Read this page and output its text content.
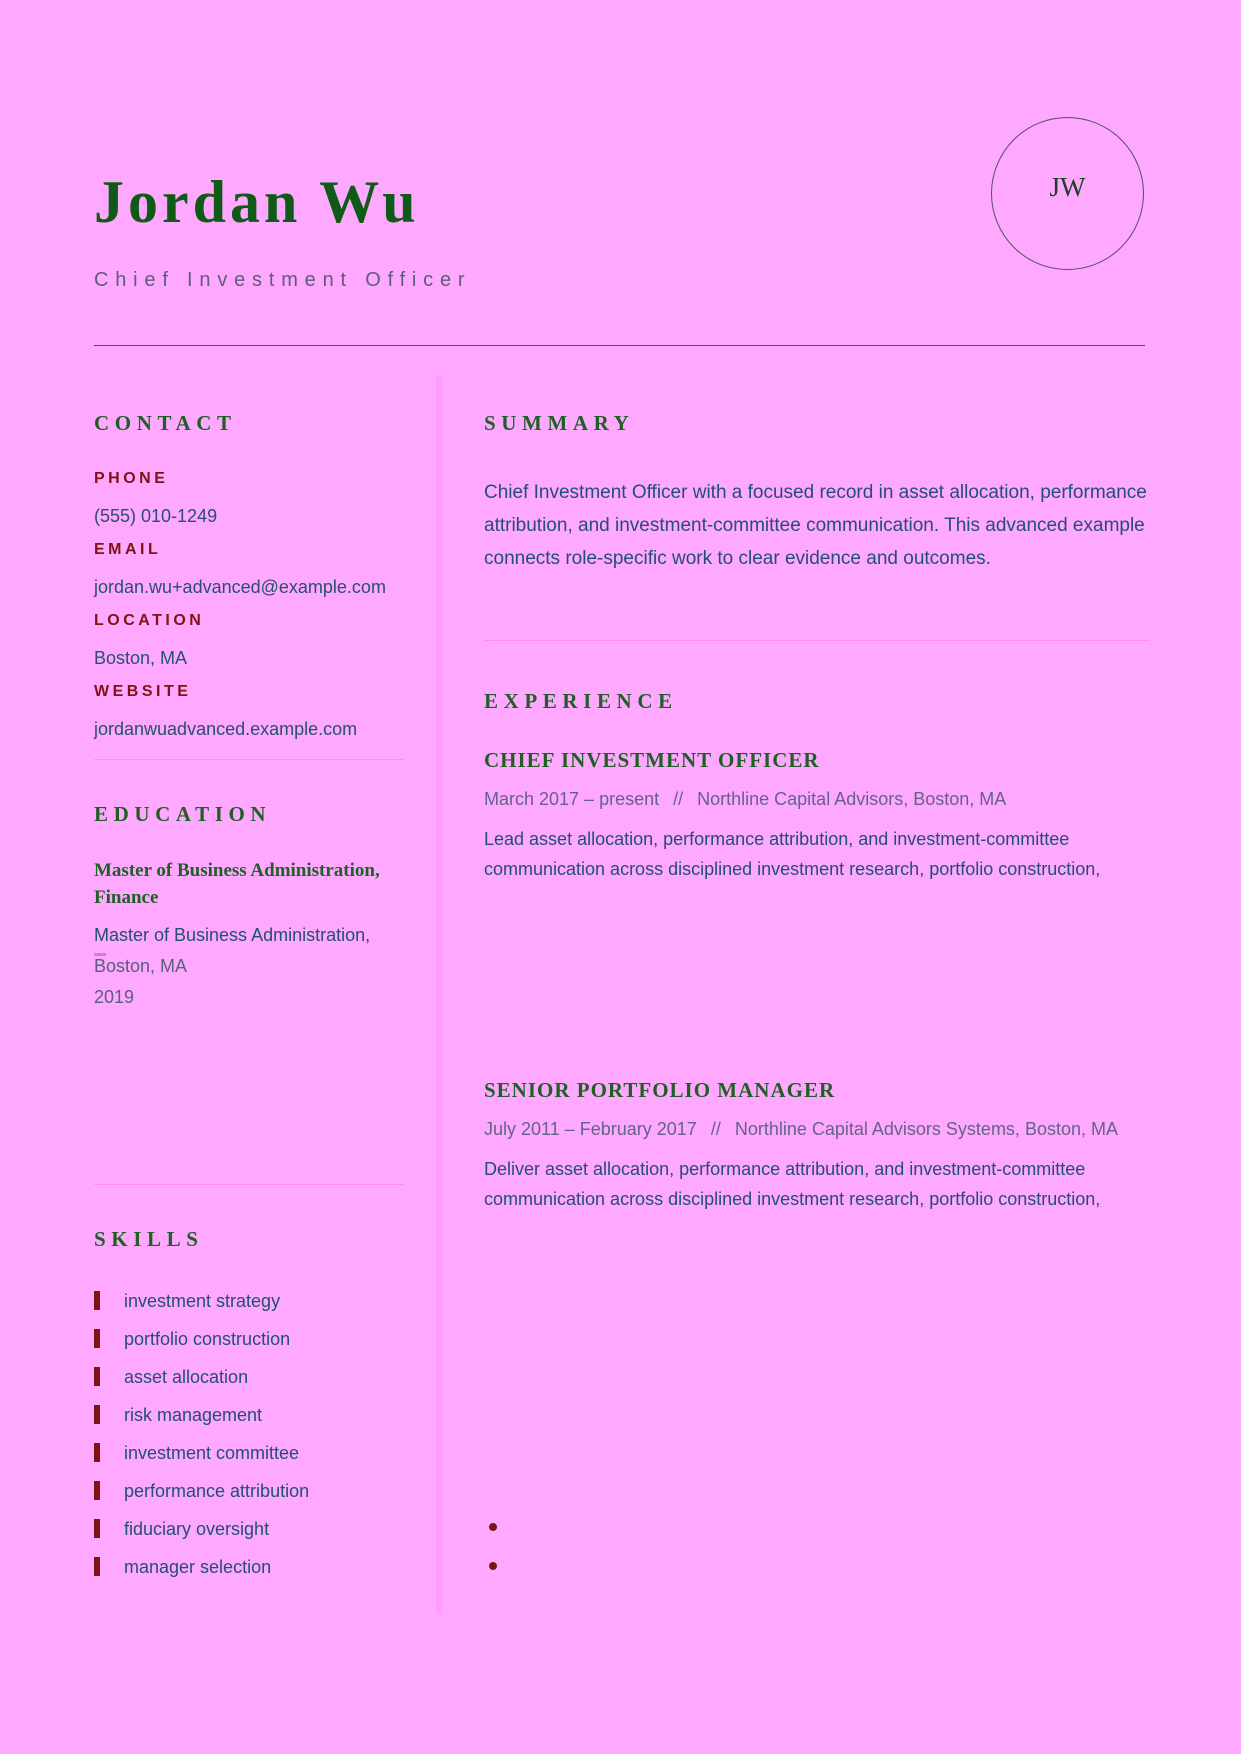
Jordan Wu
Chief Investment Officer
JW
CONTACT
PHONE
(555) 010-1249
EMAIL
jordan.wu+advanced@example.com
LOCATION
Boston, MA
WEBSITE
jordanwuadvanced.example.com
EDUCATION
Master of Business Administration, Finance
Master of Business Administration,
Boston, MA
2019
SKILLS
investment strategy
portfolio construction
asset allocation
risk management
investment committee
performance attribution
fiduciary oversight
manager selection
SUMMARY
Chief Investment Officer with a focused record in asset allocation, performance attribution, and investment-committee communication. This advanced example connects role-specific work to clear evidence and outcomes.
EXPERIENCE
CHIEF INVESTMENT OFFICER
March 2017 – present // Northline Capital Advisors, Boston, MA
Lead asset allocation, performance attribution, and investment-committee communication across disciplined investment research, portfolio construction,
SENIOR PORTFOLIO MANAGER
July 2011 – February 2017 // Northline Capital Advisors Systems, Boston, MA
Deliver asset allocation, performance attribution, and investment-committee communication across disciplined investment research, portfolio construction,
